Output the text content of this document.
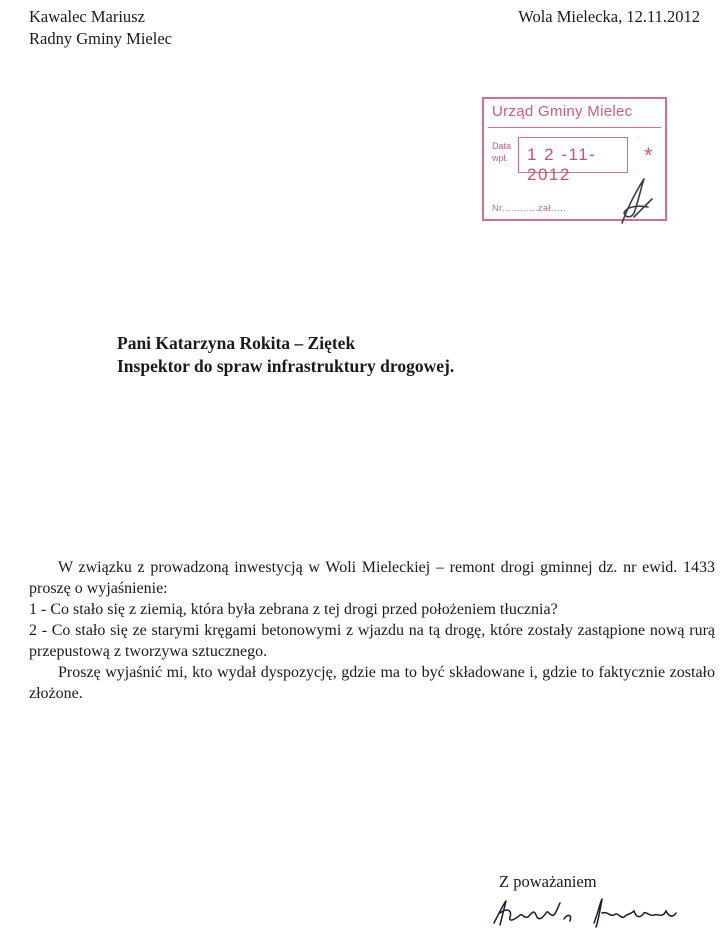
Kawalec Mariusz
Radny Gminy Mielec
Wola Mielecka, 12.11.2012
Urząd Gminy Mielec
Data wpł.	1 2 -11- 2012
*
Nr............zał.....
Pani Katarzyna Rokita – Ziętek
Inspektor do spraw infrastruktury drogowej.

W związku z prowadzoną inwestycją w Woli Mieleckiej – remont drogi gminnej dz. nr ewid. 1433 proszę o wyjaśnienie:

1 - Co stało się z ziemią, która była zebrana z tej drogi przed położeniem tłucznia?

2 - Co stało się ze starymi kręgami betonowymi z wjazdu na tą drogę, które zostały zastąpione nową rurą przepustową z tworzywa sztucznego.

Proszę wyjaśnić mi, kto wydał dyspozycję, gdzie ma to być składowane i, gdzie to faktycznie zostało złożone.

Z poważaniem
